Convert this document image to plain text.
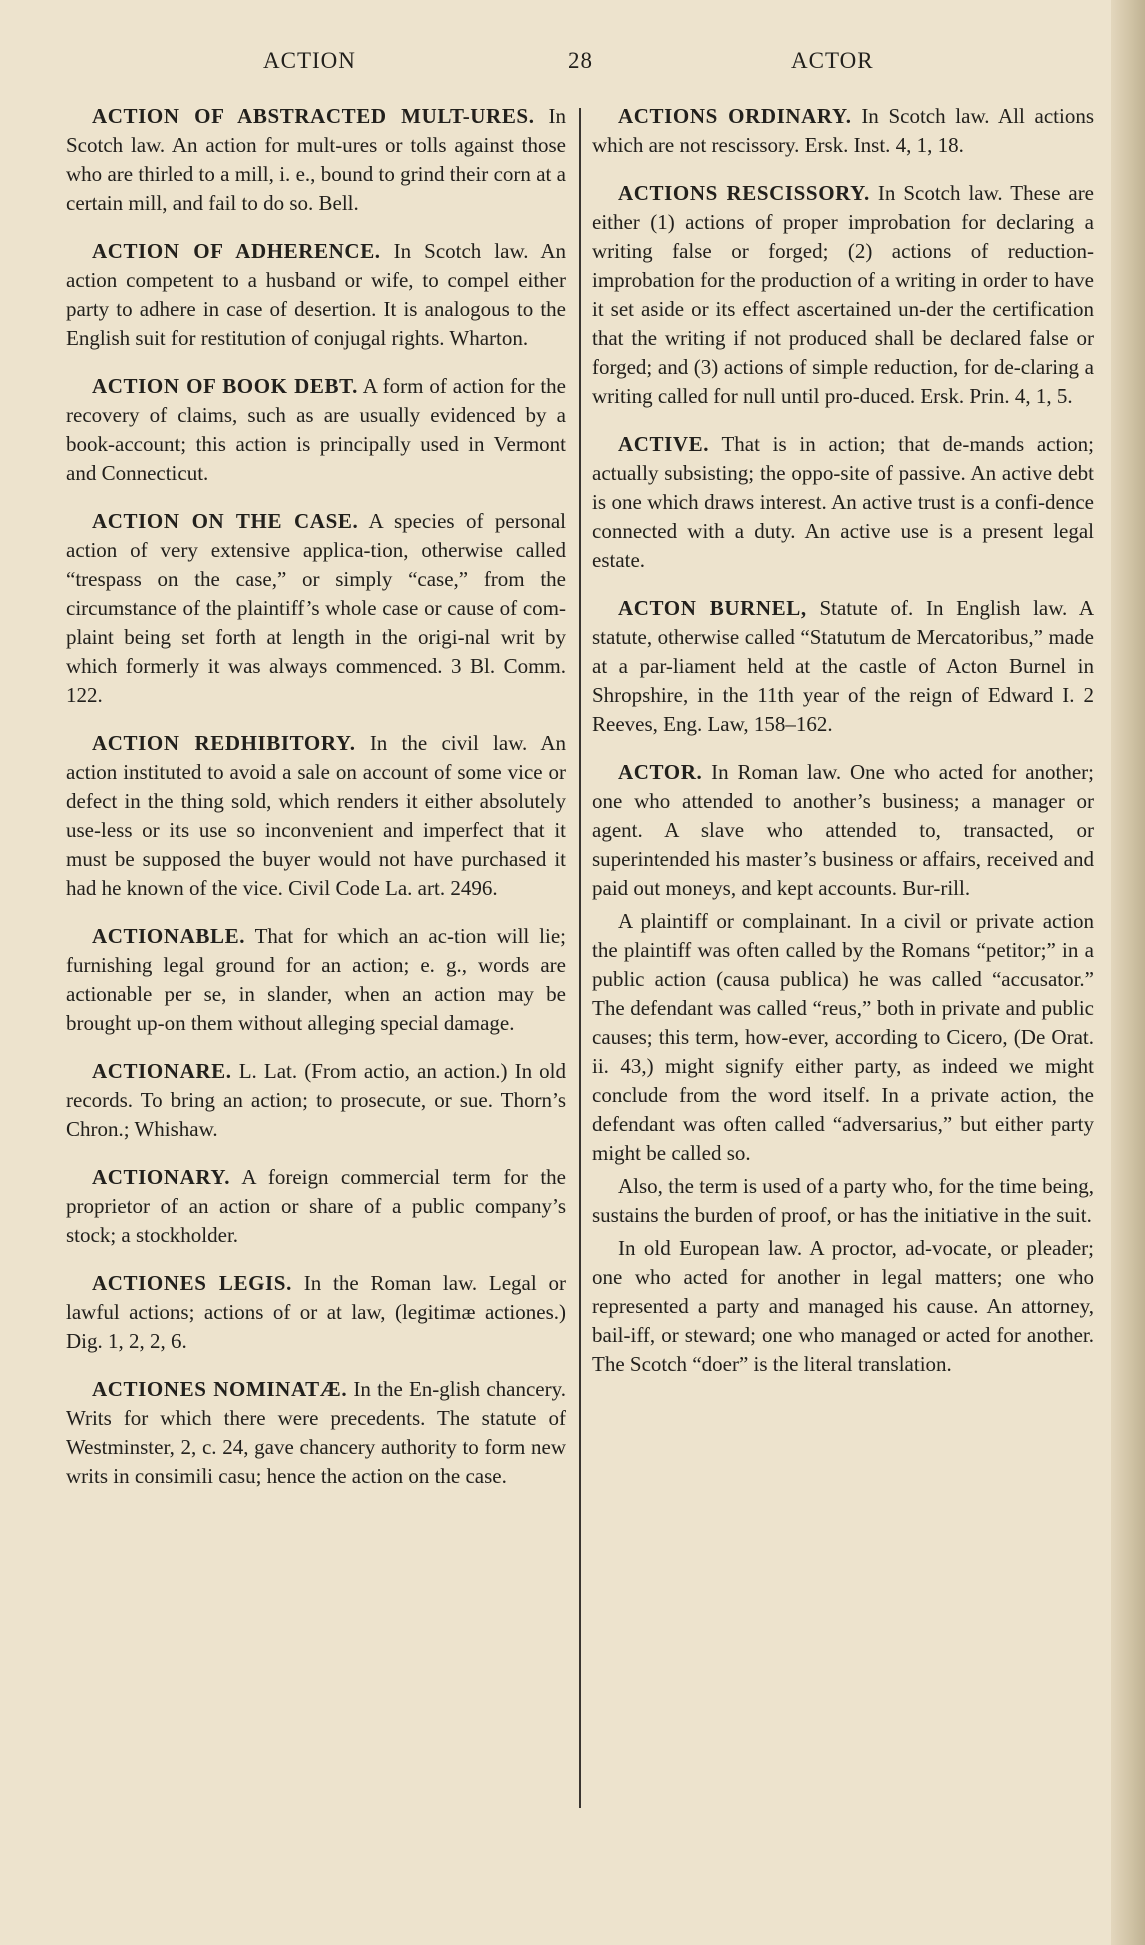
ACTION	28	ACTOR

ACTION OF ABSTRACTED MULT-URES. In Scotch law. An action for mult-ures or tolls against those who are thirled to a mill, i. e., bound to grind their corn at a certain mill, and fail to do so. Bell.

ACTION OF ADHERENCE. In Scotch law. An action competent to a husband or wife, to compel either party to adhere in case of desertion. It is analogous to the English suit for restitution of conjugal rights. Wharton.

ACTION OF BOOK DEBT. A form of action for the recovery of claims, such as are usually evidenced by a book-account; this action is principally used in Vermont and Connecticut.

ACTION ON THE CASE. A species of personal action of very extensive applica-tion, otherwise called “trespass on the case,” or simply “case,” from the circumstance of the plaintiff’s whole case or cause of com-plaint being set forth at length in the origi-nal writ by which formerly it was always commenced. 3 Bl. Comm. 122.

ACTION REDHIBITORY. In the civil law. An action instituted to avoid a sale on account of some vice or defect in the thing sold, which renders it either absolutely use-less or its use so inconvenient and imperfect that it must be supposed the buyer would not have purchased it had he known of the vice. Civil Code La. art. 2496.

ACTIONABLE. That for which an ac-tion will lie; furnishing legal ground for an action; e. g., words are actionable per se, in slander, when an action may be brought up-on them without alleging special damage.

ACTIONARE. L. Lat. (From actio, an action.) In old records. To bring an action; to prosecute, or sue. Thorn’s Chron.; Whishaw.

ACTIONARY. A foreign commercial term for the proprietor of an action or share of a public company’s stock; a stockholder.

ACTIONES LEGIS. In the Roman law. Legal or lawful actions; actions of or at law, (legitimæ actiones.) Dig. 1, 2, 2, 6.

ACTIONES NOMINATÆ. In the En-glish chancery. Writs for which there were precedents. The statute of Westminster, 2, c. 24, gave chancery authority to form new writs in consimili casu; hence the action on the case.

ACTIONS ORDINARY. In Scotch law. All actions which are not rescissory. Ersk. Inst. 4, 1, 18.

ACTIONS RESCISSORY. In Scotch law. These are either (1) actions of proper improbation for declaring a writing false or forged; (2) actions of reduction-improbation for the production of a writing in order to have it set aside or its effect ascertained un-der the certification that the writing if not produced shall be declared false or forged; and (3) actions of simple reduction, for de-claring a writing called for null until pro-duced. Ersk. Prin. 4, 1, 5.

ACTIVE. That is in action; that de-mands action; actually subsisting; the oppo-site of passive. An active debt is one which draws interest. An active trust is a confi-dence connected with a duty. An active use is a present legal estate.

ACTON BURNEL, Statute of. In English law. A statute, otherwise called “Statutum de Mercatoribus,” made at a par-liament held at the castle of Acton Burnel in Shropshire, in the 11th year of the reign of Edward I. 2 Reeves, Eng. Law, 158–162.

ACTOR. In Roman law. One who acted for another; one who attended to another’s business; a manager or agent. A slave who attended to, transacted, or superintended his master’s business or affairs, received and paid out moneys, and kept accounts. Bur-rill.

A plaintiff or complainant. In a civil or private action the plaintiff was often called by the Romans “petitor;” in a public action (causa publica) he was called “accusator.” The defendant was called “reus,” both in private and public causes; this term, how-ever, according to Cicero, (De Orat. ii. 43,) might signify either party, as indeed we might conclude from the word itself. In a private action, the defendant was often called “adversarius,” but either party might be called so.

Also, the term is used of a party who, for the time being, sustains the burden of proof, or has the initiative in the suit.

In old European law. A proctor, ad-vocate, or pleader; one who acted for another in legal matters; one who represented a party and managed his cause. An attorney, bail-iff, or steward; one who managed or acted for another. The Scotch “doer” is the literal translation.
